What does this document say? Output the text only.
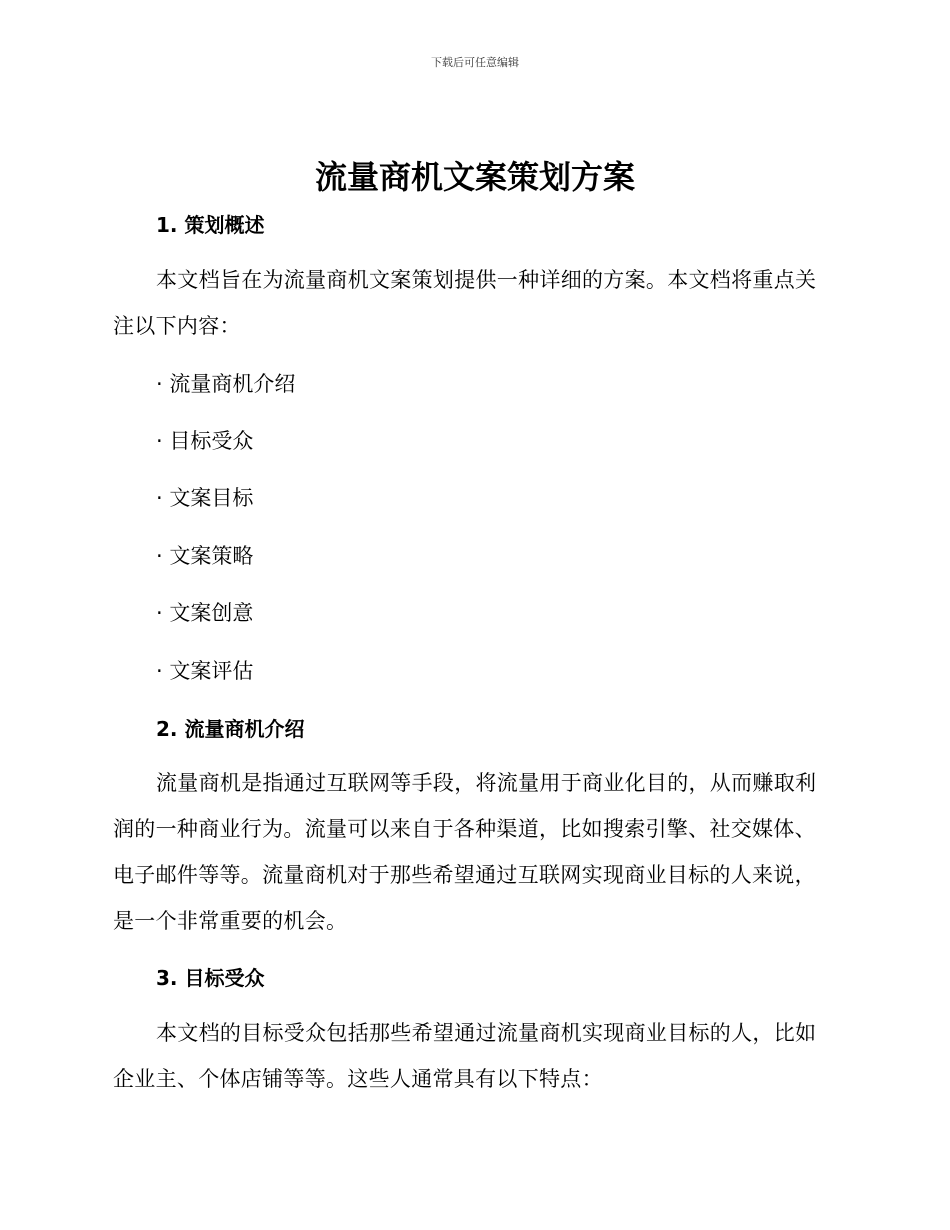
下载后可任意编辑
流量商机文案策划方案
1. 策划概述

本文档旨在为流量商机文案策划提供一种详细的方案。本文档将重点关注以下内容：

· 流量商机介绍
· 目标受众
· 文案目标
· 文案策略
· 文案创意
· 文案评估
2. 流量商机介绍

流量商机是指通过互联网等手段，将流量用于商业化目的，从而赚取利润的一种商业行为。流量可以来自于各种渠道，比如搜索引擎、社交媒体、电子邮件等等。流量商机对于那些希望通过互联网实现商业目标的人来说，是一个非常重要的机会。

3. 目标受众

本文档的目标受众包括那些希望通过流量商机实现商业目标的人，比如企业主、个体店铺等等。这些人通常具有以下特点：
